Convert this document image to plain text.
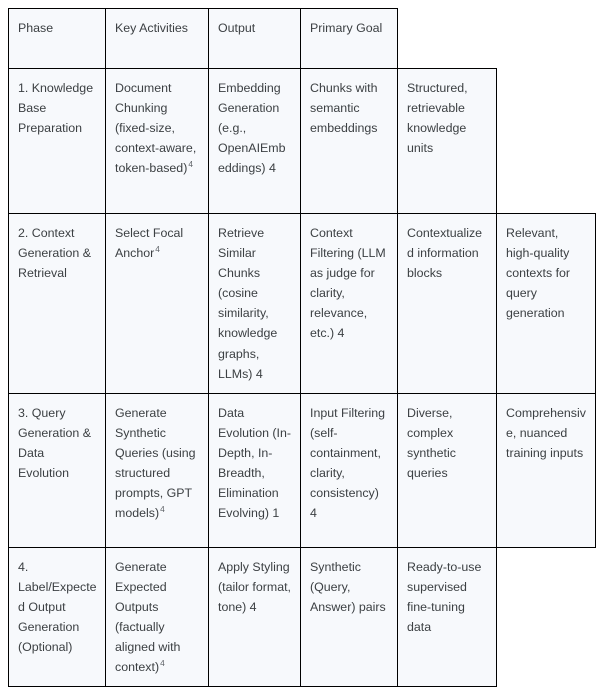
Phase	Key Activities	Output	Primary Goal		
1. Knowledge Base Preparation	Document Chunking (fixed-size, context-aware, token-based)$^4$	Embedding Generation (e.g., OpenAIEmbeddings) 4	Chunks with semantic embeddings	Structured, retrievable knowledge units	
2. Context Generation & Retrieval	Select Focal Anchor$^4$	Retrieve Similar Chunks (cosine similarity, knowledge graphs, LLMs) 4	Context Filtering (LLM as judge for clarity, relevance, etc.) 4	Contextualized information blocks	Relevant, high-quality contexts for query generation
3. Query Generation & Data Evolution	Generate Synthetic Queries (using structured prompts, GPT models)$^4$	Data Evolution (In-Depth, In-Breadth, Elimination Evolving) 1	Input Filtering (self-containment, clarity, consistency) 4	Diverse, complex synthetic queries	Comprehensive, nuanced training inputs
4. Label/Expected Output Generation (Optional)	Generate Expected Outputs (factually aligned with context)$^4$	Apply Styling (tailor format, tone) 4	Synthetic (Query, Answer) pairs	Ready-to-use supervised fine-tuning data	
